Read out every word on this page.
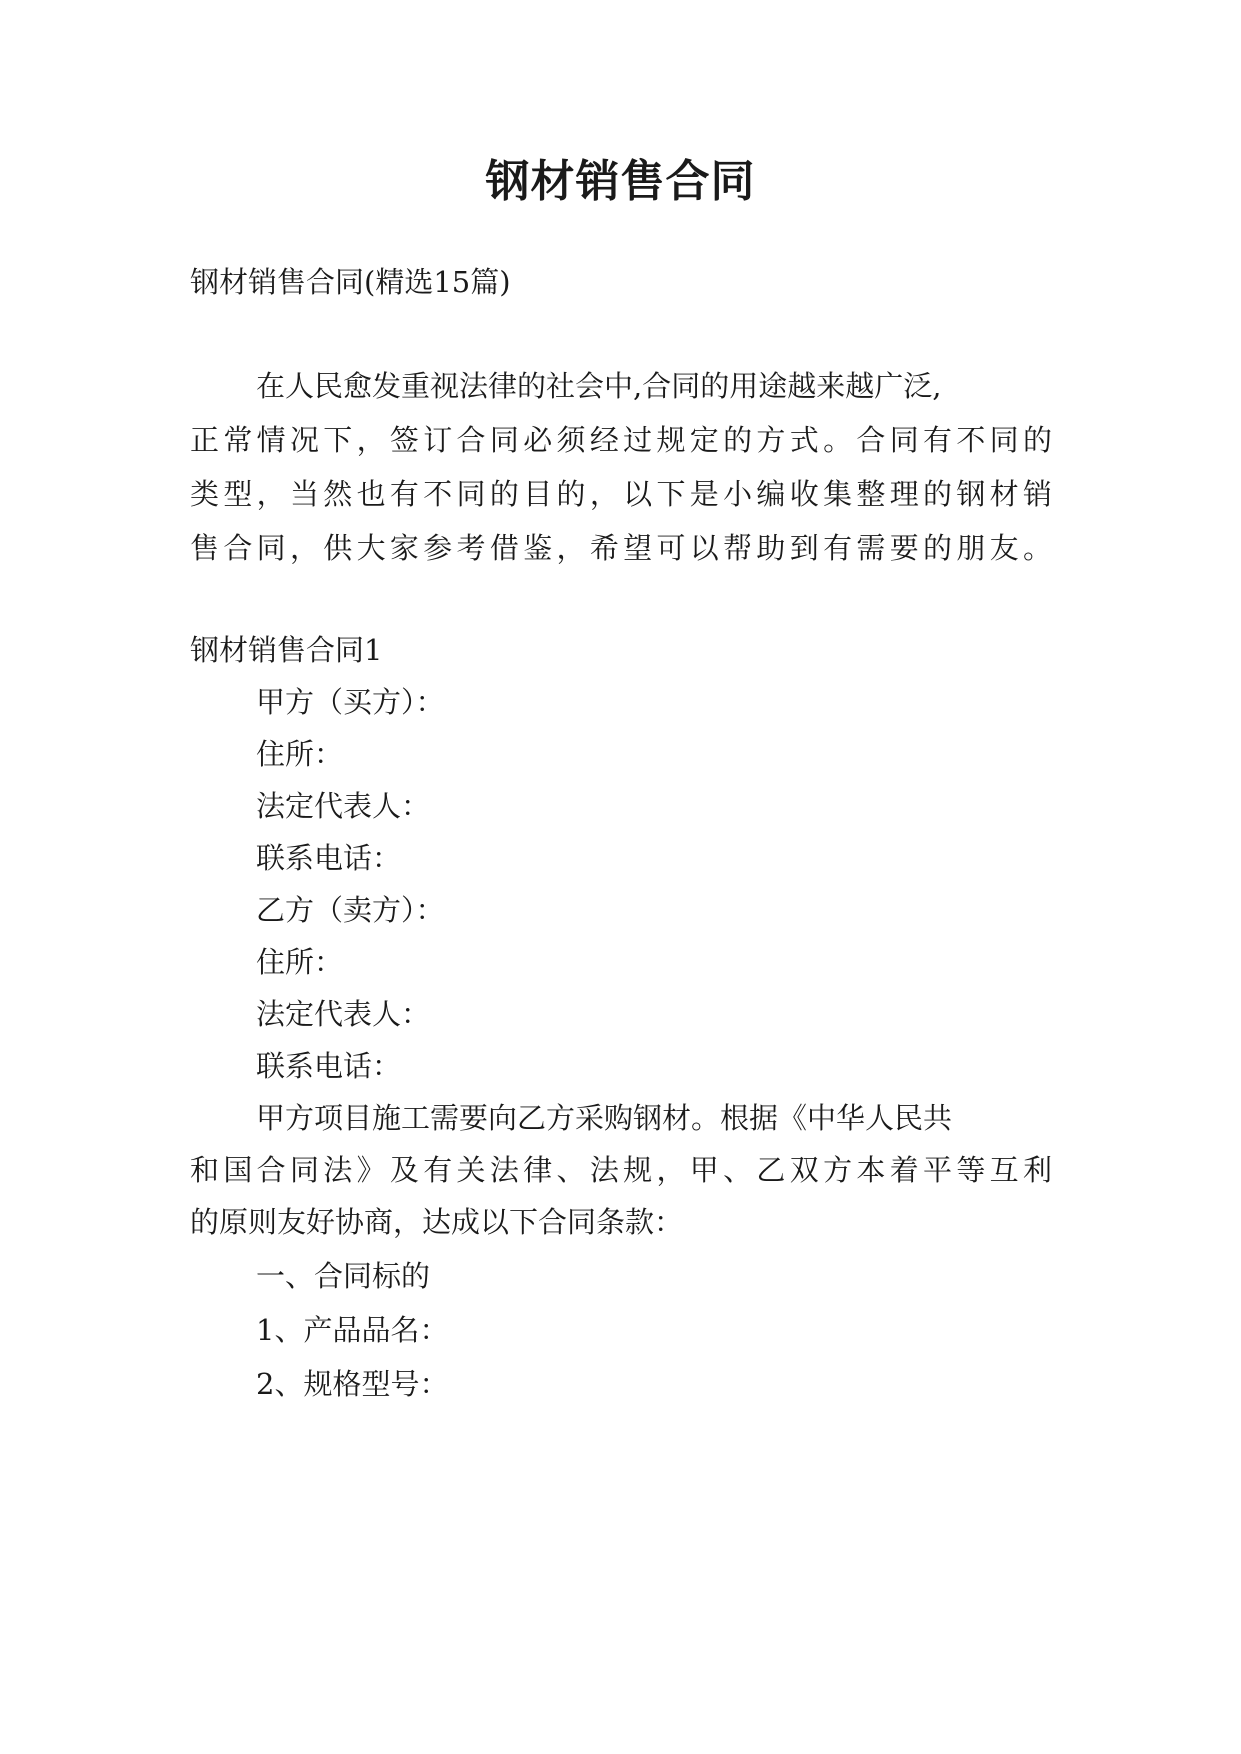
钢材销售合同

钢材销售合同(精选15篇)

在人民愈发重视法律的社会中,合同的用途越来越广泛,

正常情况下，签订合同必须经过规定的方式。合同有不同的

类型，当然也有不同的目的，以下是小编收集整理的钢材销

售合同，供大家参考借鉴，希望可以帮助到有需要的朋友。

钢材销售合同1

甲方（买方）：

住所：

法定代表人：

联系电话：

乙方（卖方）：

住所：

法定代表人：

联系电话：

甲方项目施工需要向乙方采购钢材。根据《中华人民共

和国合同法》及有关法律、法规，甲、乙双方本着平等互利

的原则友好协商，达成以下合同条款：

一、合同标的

1、产品品名：

2、规格型号：
